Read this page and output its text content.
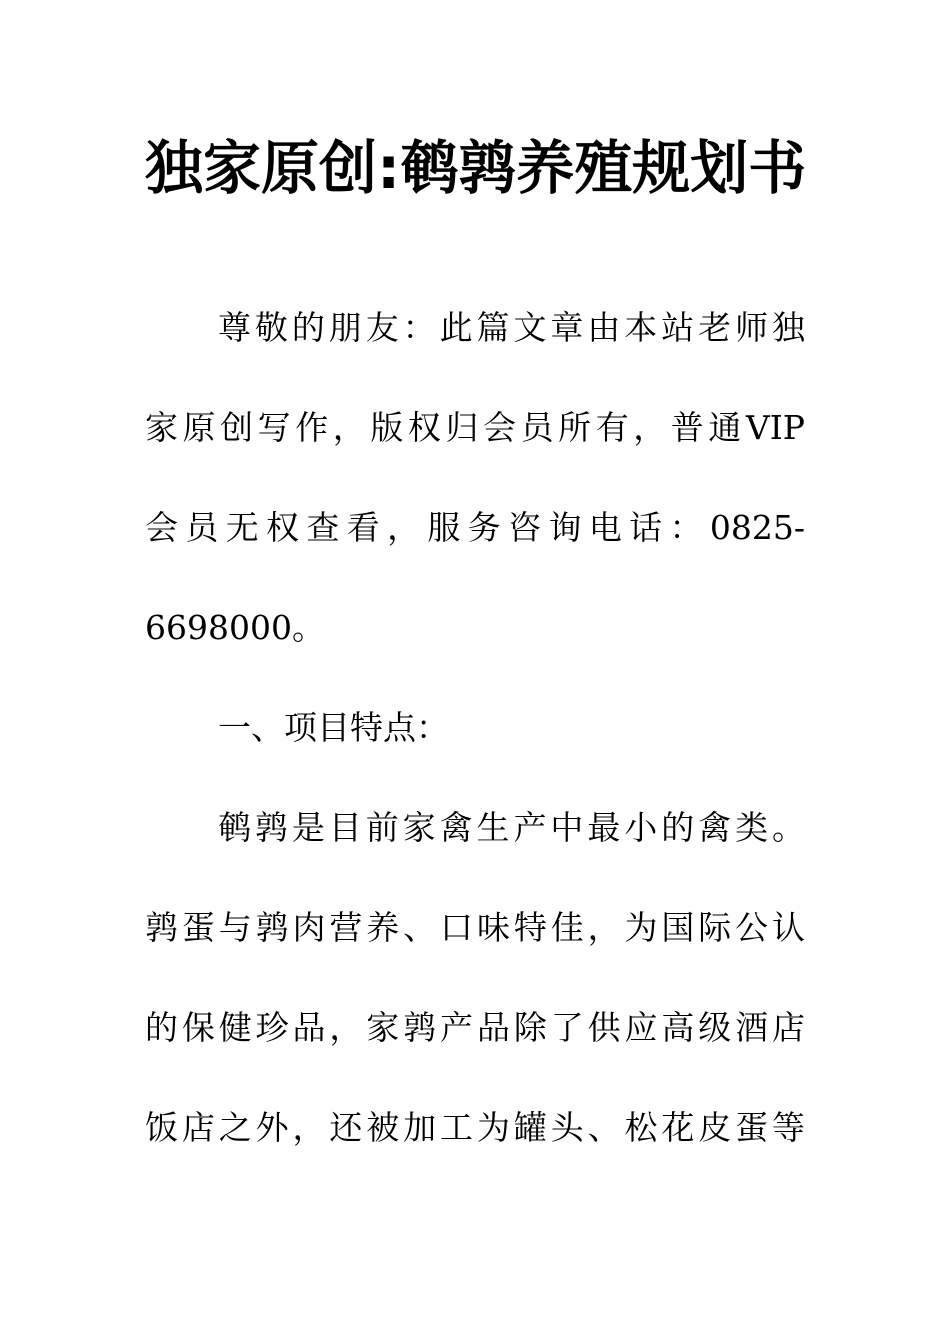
独家原创:鹌鹑养殖规划书
尊敬的朋友：此篇文章由本站老师独
家原创写作，版权归会员所有，普通VIP
会员无权查看，服务咨询电话：0825-
6698000。
一、项目特点：
鹌鹑是目前家禽生产中最小的禽类。
鹑蛋与鹑肉营养、口味特佳，为国际公认
的保健珍品，家鹑产品除了供应高级酒店
饭店之外，还被加工为罐头、松花皮蛋等
